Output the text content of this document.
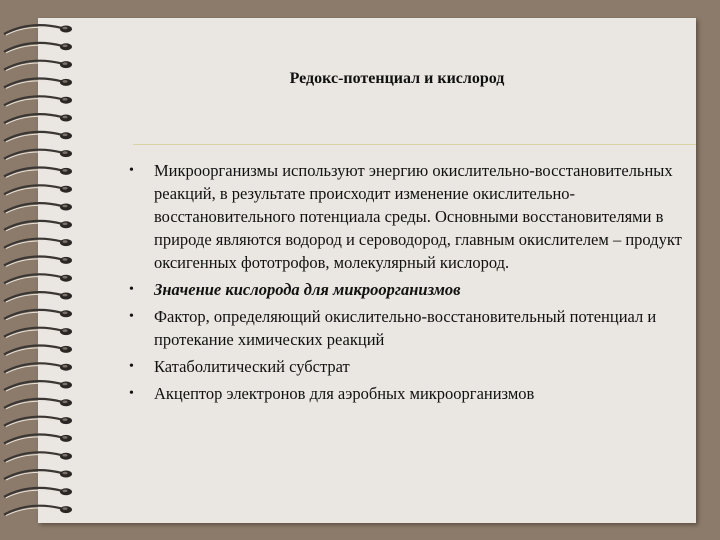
Редокс-потенциал и кислород
• Микроорганизмы используют энергию окислительно-восстановительных реакций, в результате происходит изменение окислительно-восстановительного потенциала среды. Основными восстановителями в природе являются водород и сероводород, главным окислителем – продукт оксигенных фототрофов, молекулярный кислород.
• Значение кислорода для микроорганизмов
• Фактор, определяющий окислительно-восстановительный потенциал и протекание химических реакций
• Катаболитический субстрат
• Акцептор электронов для аэробных микроорганизмов
